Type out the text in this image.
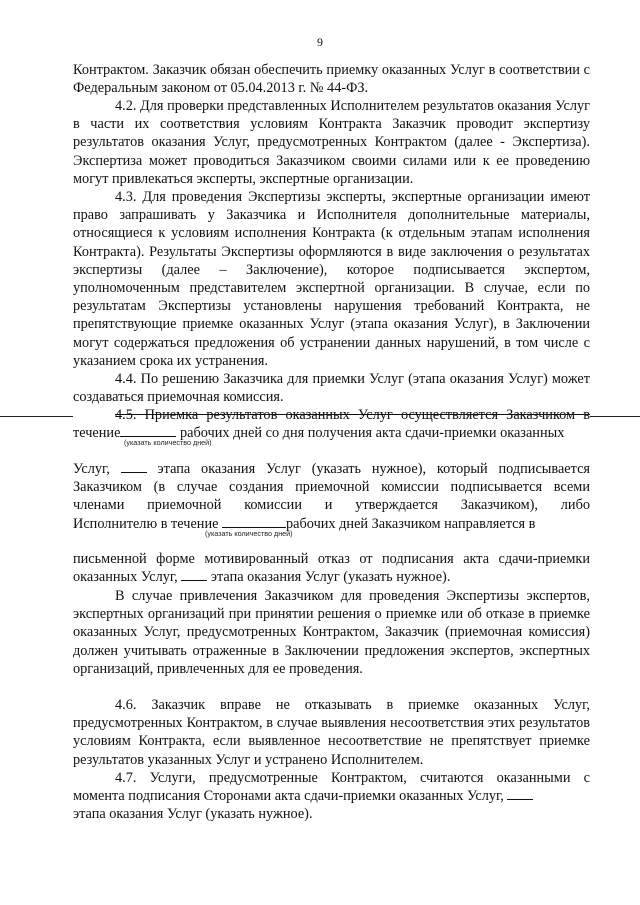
9
Контрактом. Заказчик обязан обеспечить приемку оказанных Услуг в соответствии с Федеральным законом от 05.04.2013 г. № 44-ФЗ.
4.2. Для проверки представленных Исполнителем результатов оказания Услуг в части их соответствия условиям Контракта Заказчик проводит экспертизу результатов оказания Услуг, предусмотренных Контрактом (далее - Экспертиза). Экспертиза может проводиться Заказчиком своими силами или к ее проведению могут привлекаться эксперты, экспертные организации.
4.3. Для проведения Экспертизы эксперты, экспертные организации имеют право запрашивать у Заказчика и Исполнителя дополнительные материалы, относящиеся к условиям исполнения Контракта (к отдельным этапам исполнения Контракта). Результаты Экспертизы оформляются в виде заключения о результатах экспертизы (далее – Заключение), которое подписывается экспертом, уполномоченным представителем экспертной организации. В случае, если по результатам Экспертизы установлены нарушения требований Контракта, не препятствующие приемке оказанных Услуг (этапа оказания Услуг), в Заключении могут содержаться предложения об устранении данных нарушений, в том числе с указанием срока их устранения.
4.4. По решению Заказчика для приемки Услуг (этапа оказания Услуг) может создаваться приемочная комиссия.
4.5. Приемка результатов оказанных Услуг осуществляется Заказчиком в
течение	рабочих дней со дня получения акта сдачи-приемки оказанных
(указать количество дней)
Услуг,	этапа оказания Услуг (указать нужное), который подписывается
Заказчиком (в случае создания приемочной комиссии подписывается всеми
членами приемочной комиссии и утверждается Заказчиком), либо
Исполнителю в течение	рабочих дней Заказчиком направляется в
(указать количество дней)
письменной форме мотивированный отказ от подписания акта сдачи-приемки
оказанных Услуг, этапа оказания Услуг (указать нужное).
В случае привлечения Заказчиком для проведения Экспертизы экспертов, экспертных организаций при принятии решения о приемке или об отказе в приемке оказанных Услуг, предусмотренных Контрактом, Заказчик (приемочная комиссия) должен учитывать отраженные в Заключении предложения экспертов, экспертных организаций, привлеченных для ее проведения.
4.6. Заказчик вправе не отказывать в приемке оказанных Услуг, предусмотренных Контрактом, в случае выявления несоответствия этих результатов условиям Контракта, если выявленное несоответствие не препятствует приемке результатов указанных Услуг и устранено Исполнителем.
4.7. Услуги, предусмотренные Контрактом, считаются оказанными с
момента подписания Сторонами акта сдачи-приемки оказанных Услуг,
этапа оказания Услуг (указать нужное).
